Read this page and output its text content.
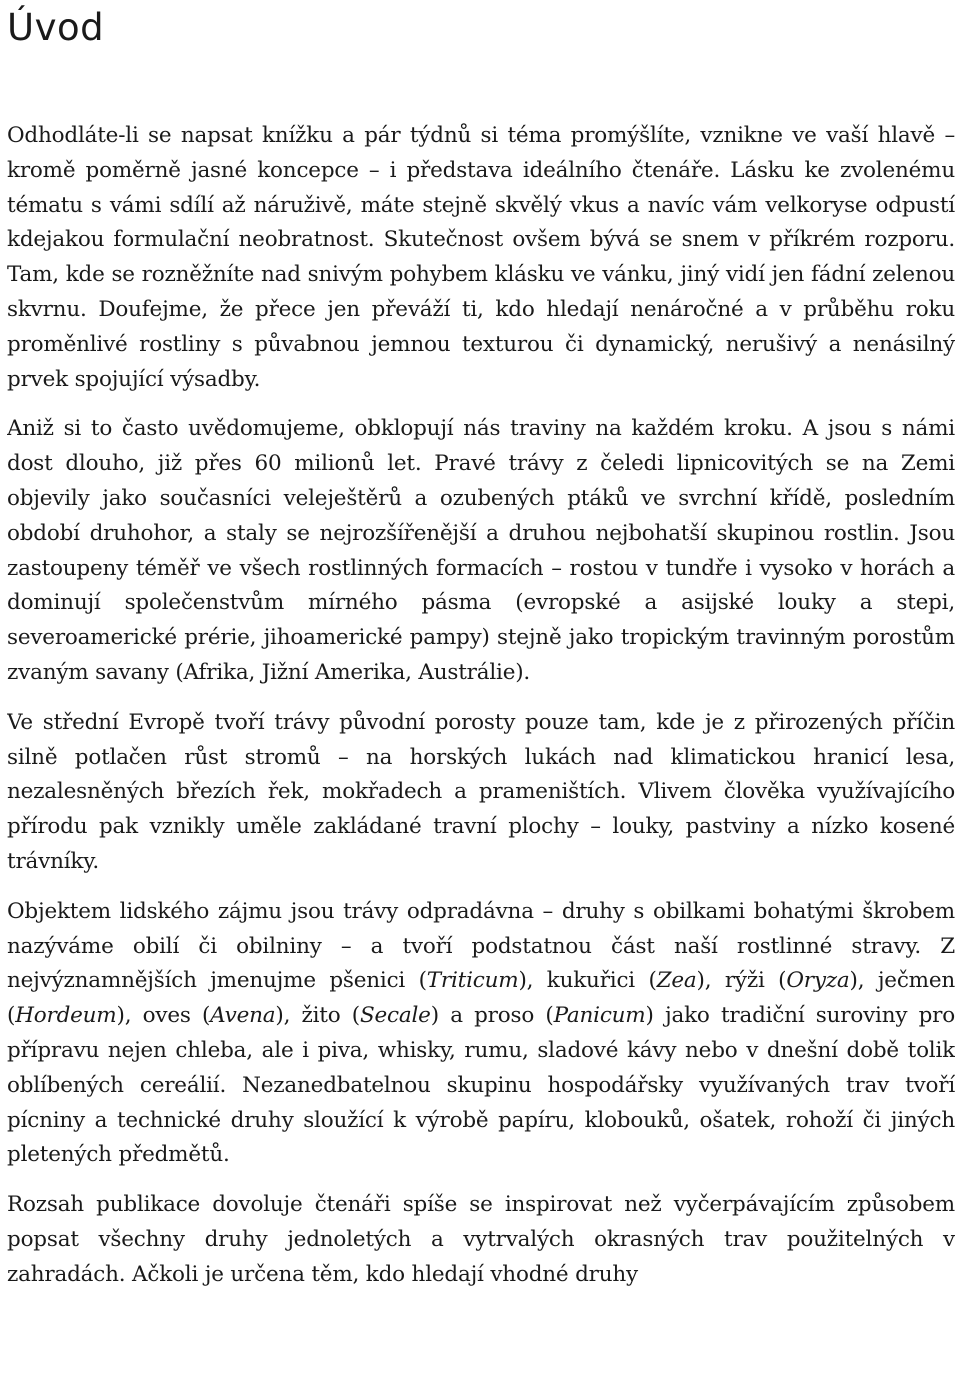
Úvod

Odhodláte-li se napsat knížku a pár týdnů si téma promýšlíte, vznikne ve vaší hlavě – kromě poměrně jasné koncepce – i představa ideálního čtenáře. Lásku ke zvolenému tématu s vámi sdílí až náruživě, máte stejně skvělý vkus a navíc vám velkoryse odpustí kdejakou formulační neobratnost. Skutečnost ovšem bývá se snem v příkrém rozporu. Tam, kde se rozněžníte nad snivým pohybem klásku ve vánku, jiný vidí jen fádní zelenou skvrnu. Doufejme, že přece jen převáží ti, kdo hledají nenáročné a v průběhu roku proměnlivé rostliny s půvabnou jemnou texturou či dynamický, nerušivý a nenásilný prvek spojující výsadby.

Aniž si to často uvědomujeme, obklopují nás traviny na každém kroku. A jsou s námi dost dlouho, již přes 60 milionů let. Pravé trávy z čeledi lipnicovitých se na Zemi objevily jako současníci veleještěrů a ozubených ptáků ve svrchní křídě, posledním období druhohor, a staly se nejrozšířenější a druhou nejbohatší skupinou rostlin. Jsou zastoupeny téměř ve všech rostlinných formacích – rostou v tundře i vysoko v horách a dominují společenstvům mírného pásma (evropské a asijské louky a stepi, severoamerické prérie, jihoamerické pampy) stejně jako tropickým travinným porostům zvaným savany (Afrika, Jižní Amerika, Austrálie).

Ve střední Evropě tvoří trávy původní porosty pouze tam, kde je z přirozených příčin silně potlačen růst stromů – na horských lukách nad klimatickou hranicí lesa, nezalesněných březích řek, mokřadech a prameništích. Vlivem člověka využívajícího přírodu pak vznikly uměle zakládané travní plochy – louky, pastviny a nízko kosené trávníky.

Objektem lidského zájmu jsou trávy odpradávna – druhy s obilkami bohatými škrobem nazýváme obilí či obilniny – a tvoří podstatnou část naší rostlinné stravy. Z nejvýznamnějších jmenujme pšenici (Triticum), kukuřici (Zea), rýži (Oryza), ječmen (Hordeum), oves (Avena), žito (Secale) a proso (Panicum) jako tradiční suroviny pro přípravu nejen chleba, ale i piva, whisky, rumu, sladové kávy nebo v dnešní době tolik oblíbených cereálií. Nezanedbatelnou skupinu hospodářsky využívaných trav tvoří pícniny a technické druhy sloužící k výrobě papíru, klobouků, ošatek, rohoží či jiných pletených předmětů.

Rozsah publikace dovoluje čtenáři spíše se inspirovat než vyčerpávajícím způsobem popsat všechny druhy jednoletých a vytrvalých okrasných trav použitelných v zahradách. Ačkoli je určena těm, kdo hledají vhodné druhy
